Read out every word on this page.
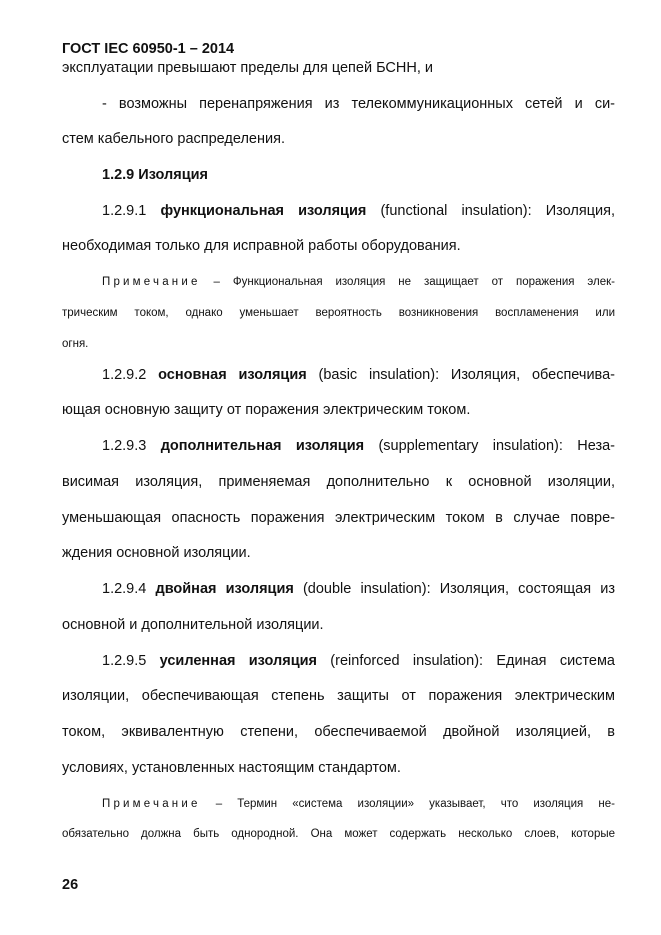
ГОСТ IEC 60950-1 – 2014
эксплуатации превышают пределы для цепей БСНН, и
- возможны перенапряжения из телекоммуникационных сетей и си-
стем кабельного распределения.
1.2.9 Изоляция
1.2.9.1 функциональная изоляция (functional insulation): Изоляция,
необходимая только для исправной работы оборудования.
Примечание – Функциональная изоляция не защищает от поражения элек-
трическим током, однако уменьшает вероятность возникновения воспламенения или
огня.
1.2.9.2 основная изоляция (basic insulation): Изоляция, обеспечива-
ющая основную защиту от поражения электрическим током.
1.2.9.3 дополнительная изоляция (supplementary insulation): Неза-
висимая изоляция, применяемая дополнительно к основной изоляции,
уменьшающая опасность поражения электрическим током в случае повре-
ждения основной изоляции.
1.2.9.4 двойная изоляция (double insulation): Изоляция, состоящая из
основной и дополнительной изоляции.
1.2.9.5 усиленная изоляция (reinforced insulation): Единая система
изоляции, обеспечивающая степень защиты от поражения электрическим
током, эквивалентную степени, обеспечиваемой двойной изоляцией, в
условиях, установленных настоящим стандартом.
Примечание – Термин «система изоляции» указывает, что изоляция не-
обязательно должна быть однородной. Она может содержать несколько слоев, которые
26
